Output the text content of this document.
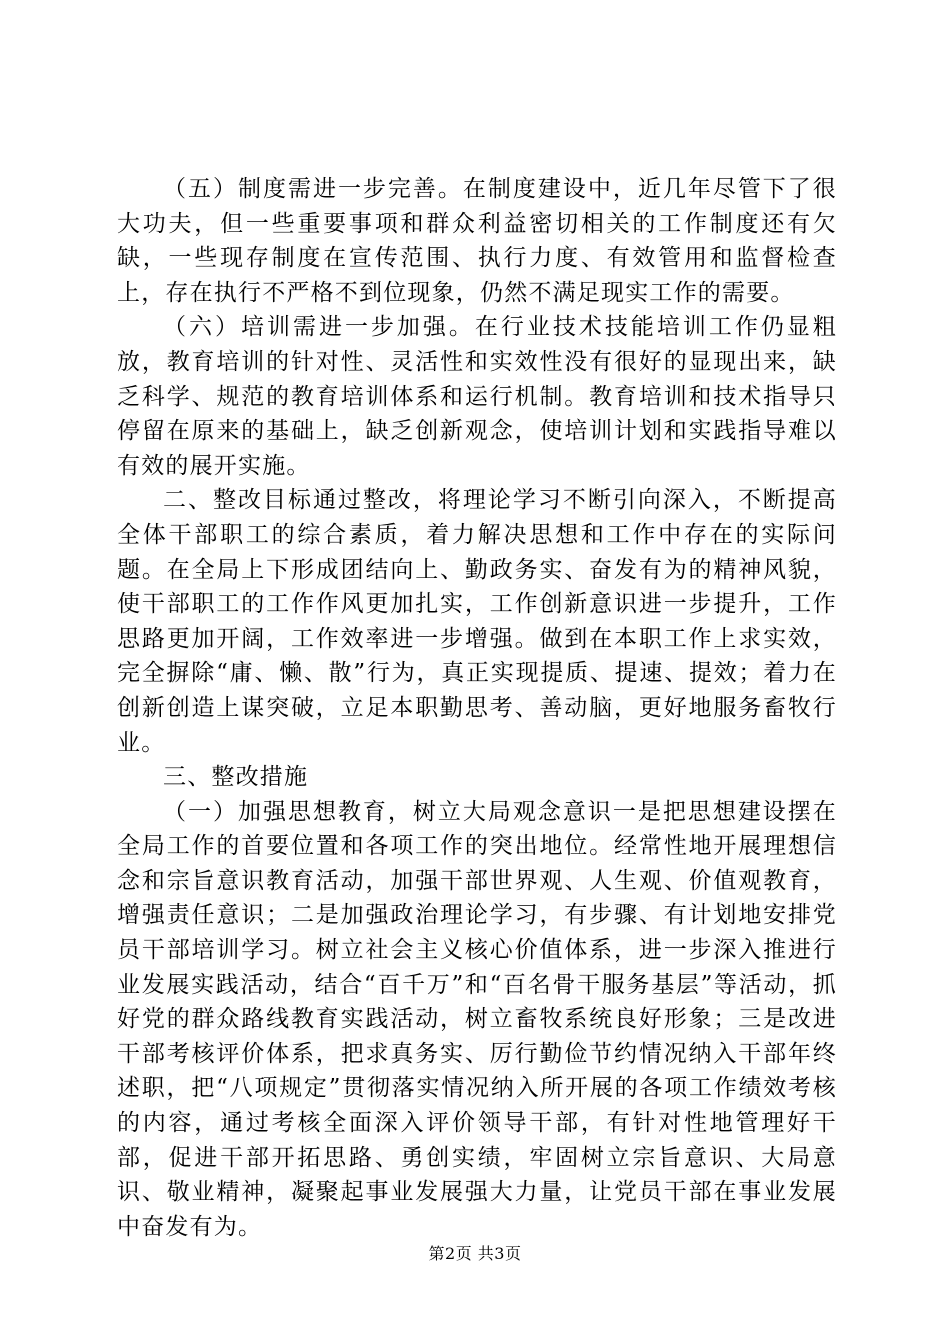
（五）制度需进一步完善。在制度建设中，近几年尽管下了很大功夫，但一些重要事项和群众利益密切相关的工作制度还有欠缺，一些现存制度在宣传范围、执行力度、有效管用和监督检查上，存在执行不严格不到位现象，仍然不满足现实工作的需要。

（六）培训需进一步加强。在行业技术技能培训工作仍显粗放，教育培训的针对性、灵活性和实效性没有很好的显现出来，缺乏科学、规范的教育培训体系和运行机制。教育培训和技术指导只停留在原来的基础上，缺乏创新观念，使培训计划和实践指导难以有效的展开实施。

二、整改目标通过整改，将理论学习不断引向深入，不断提高全体干部职工的综合素质，着力解决思想和工作中存在的实际问题。在全局上下形成团结向上、勤政务实、奋发有为的精神风貌，使干部职工的工作作风更加扎实，工作创新意识进一步提升，工作思路更加开阔，工作效率进一步增强。做到在本职工作上求实效，完全摒除“庸、懒、散”行为，真正实现提质、提速、提效；着力在创新创造上谋突破，立足本职勤思考、善动脑，更好地服务畜牧行业。

三、整改措施

（一）加强思想教育，树立大局观念意识一是把思想建设摆在全局工作的首要位置和各项工作的突出地位。经常性地开展理想信念和宗旨意识教育活动，加强干部世界观、人生观、价值观教育，增强责任意识；二是加强政治理论学习，有步骤、有计划地安排党员干部培训学习。树立社会主义核心价值体系，进一步深入推进行业发展实践活动，结合“百千万”和“百名骨干服务基层”等活动，抓好党的群众路线教育实践活动，树立畜牧系统良好形象；三是改进干部考核评价体系，把求真务实、厉行勤俭节约情况纳入干部年终述职，把“八项规定”贯彻落实情况纳入所开展的各项工作绩效考核的内容，通过考核全面深入评价领导干部，有针对性地管理好干部，促进干部开拓思路、勇创实绩，牢固树立宗旨意识、大局意识、敬业精神，凝聚起事业发展强大力量，让党员干部在事业发展中奋发有为。

第2页 共3页
